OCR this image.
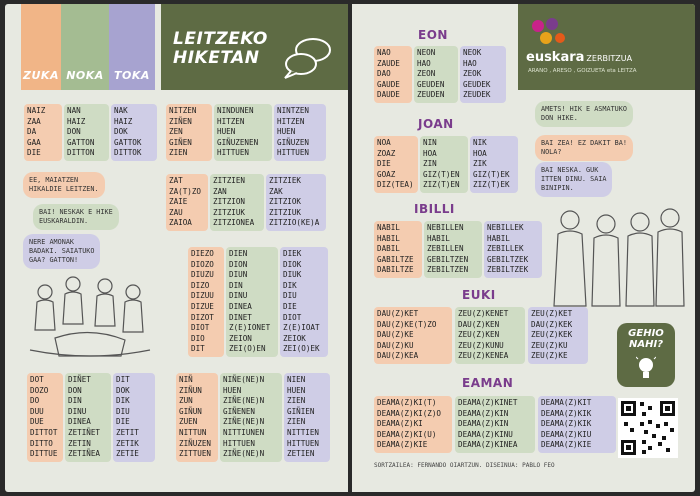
ZUKA NOKA TOKA
LEITZEKO
HIKETAN
NAIZ
ZAA
DA
GAA
DIE
NAN
HAIZ
DON
GATTON
DITTON
NAK
HAIZ
DOK
GATTOK
DITTOK
NITZEN
ZIÑEN
ZEN
GIÑEN
ZIEN
NINDUNEN
HITZEN
HUEN
GIÑUZENEN
HITTUEN
NINTZEN
HITZEN
HUEN
GIÑUZEN
HITTUEN
EE, MAIATZEN
HIKALDIE LEITZEN.
ZAT
ZA(T)ZO
ZAIE
ZAU
ZAIOA
ZITZIEN
ZAN
ZITZION
ZITZIUK
ZITZIONEA
ZITZIEK
ZAK
ZITZIOK
ZITZIUK
ZITZIO(KE)A
BAI! NESKAK E HIKE
EUSKARALDIN.
NERE AMONAK
BADAKI. SAIATUKO
GAA? GATTON!
DIEZO
DIOZO
DIUZU
DIZO
DIZUU
DIZUE
DIZOT
DIOT
DIO
DIT
DIEN
DION
DIUN
DIN
DINU
DINEA
DINET
Z(E)IONET
ZEION
ZEI(O)EN
DIEK
DIOK
DIUK
DIK
DIU
DIE
DIOT
Z(E)IOAT
ZEIOK
ZEI(O)EK
DOT
DOZO
DO
DUU
DUE
DITTOT
DITTO
DITTUE
DIÑET
DON
DIN
DINU
DINEA
ZETIÑET
ZETIN
ZETIÑEA
DIT
DOK
DIK
DIU
DIE
ZETIT
ZETIK
ZETIE
NIÑ
ZIÑUN
ZUN
GIÑUN
ZUEN
NITTUN
ZIÑUZEN
ZITTUEN
NIÑE(NE)N
HUEN
ZIÑE(NE)N
GIÑENEN
ZIÑE(NE)N
NITTIUNEN
HITTUEN
ZIÑE(NE)N
NIEN
HUEN
ZIEN
GIÑIEN
ZIEN
NITTIEN
HITTUEN
ZETIEN
euskara ZERBITZUA
ARANO , ARESO , GOIZUETA eta LEITZA
EON
NAO
ZAUDE
DAO
GAUDE
DAUDE
NEON
HAO
ZEON
GEUDEN
ZEUDEN
NEOK
HAO
ZEOK
GEUDEK
ZEUDEK
JOAN
NOA
ZOAZ
DIE
GOAZ
DIZ(TEA)
NIN
HOA
ZIN
GIZ(T)EN
ZIZ(T)EN
NIK
HOA
ZIK
GIZ(T)EK
ZIZ(T)EK
AMETS! HIK E ASMATUKO
DON HIKE.
BAI ZEA! EZ DAKIT BA!
NOLA?
BAI NESKA. GUK
ITTEN DINU. SAIA
BINIPIN.
IBILLI
NABIL
HABIL
DABIL
GABILTZE
DABILTZE
NEBILLEN
HABIL
ZEBILLEN
GEBILTZEN
ZEBILTZEN
NEBILLEK
HABIL
ZEBILLEK
GEBILTZEK
ZEBILTZEK
EUKI
DAU(Z)KET
DAU(Z)KE(T)ZO
DAU(Z)KE
DAU(Z)KU
DAU(Z)KEA
ZEU(Z)KENET
DAU(Z)KEN
ZEU(Z)KEN
ZEU(Z)KUNU
ZEU(Z)KENEA
ZEU(Z)KET
DAU(Z)KEK
ZEU(Z)KEK
ZEU(Z)KU
ZEU(Z)KE
GEHIO
NAHI?
EAMAN
DEAMA(Z)KI(T)
DEAMA(Z)KI(Z)O
DEAMA(Z)KI
DEAMA(Z)KI(U)
DEAMA(Z)KIE
DEAMA(Z)KINET
DEAMA(Z)KIN
DEAMA(Z)KIN
DEAMA(Z)KINU
DEAMA(Z)KINEA
DEAMA(Z)KIT
DEAMA(Z)KIK
DEAMA(Z)KIK
DEAMA(Z)KIU
DEAMA(Z)KIE
SORTZAILEA: FERNANDO OIARTZUN. DISEINUA: PABLO FEO
